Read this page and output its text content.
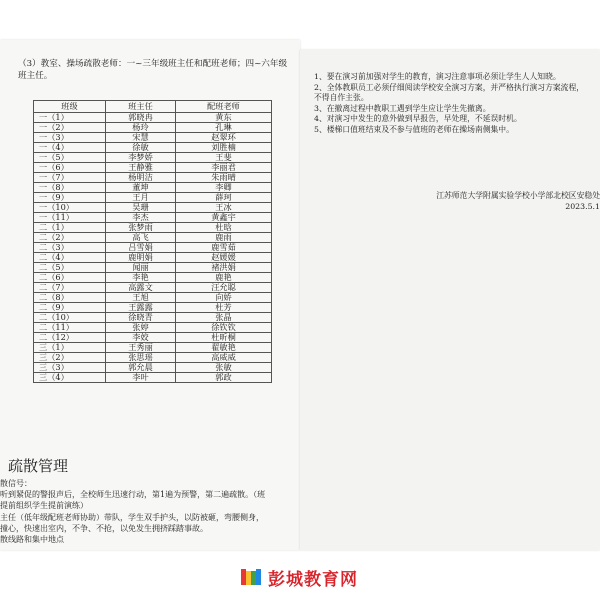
（3）教室、操场疏散老师：一~三年级班主任和配班老师；四~六年级班主任。
班级	班主任	配班老师
一（1）	郭晓冉	黄东
一（2）	杨玲	孔琳
一（3）	宋慧	赵翠环
一（4）	徐敏	刘胜楠
一（5）	李梦娇	王斐
一（6）	王静雅	李丽君
一（7）	杨明洁	朱雨晴
一（8）	董坤	李卿
一（9）	王月	薛珂
一（10）	吴珊	王冰
一（11）	李杰	黄鑫宇
二（1）	张梦雨	杜晗
二（2）	高飞	鹿雨
二（3）	吕雪娟	鹿雪茹
二（4）	鹿明娟	赵媛媛
二（5）	闻丽	褚洪娟
二（6）	李艳	鹿艳
二（7）	高露文	汪允聪
二（8）	王旭	向娇
二（9）	王露露	杜芳
二（10）	徐晓青	张晶
二（11）	张婷	徐钦钦
二（12）	李姣	杜昕桐
三（1）	王秀丽	翟敏艳
三（2）	张思瑶	高威威
三（3）	郭允晨	张敏
三（4）	李叶	郭政
疏散管理
散信号：
听到紧促的警报声后，全校师生迅速行动，第1遍为预警，第二遍疏散。（班
提前组织学生提前演练）
主任（低年级配班老师协助）带队，学生双手护头，以防被砸，弯腰侧身，
撞心，快速出室内，不争、不抢，以免发生拥挤踩踏事故。
散线路和集中地点
1、要在演习前加强对学生的教育，演习注意事项必须让学生人人知晓。
2、全体教职员工必须仔细阅读学校安全演习方案，并严格执行演习方案流程，
不得自作主张。
3、在撤离过程中教职工遇到学生应让学生先撤离。
4、对演习中发生的意外做到早报告，早处理，不延误时机。
5、楼梯口值班结束及不参与值班的老师在操场南侧集中。
江苏师范大学附属实验学校小学部北校区安稳处
2023.5.1
彭城教育网
